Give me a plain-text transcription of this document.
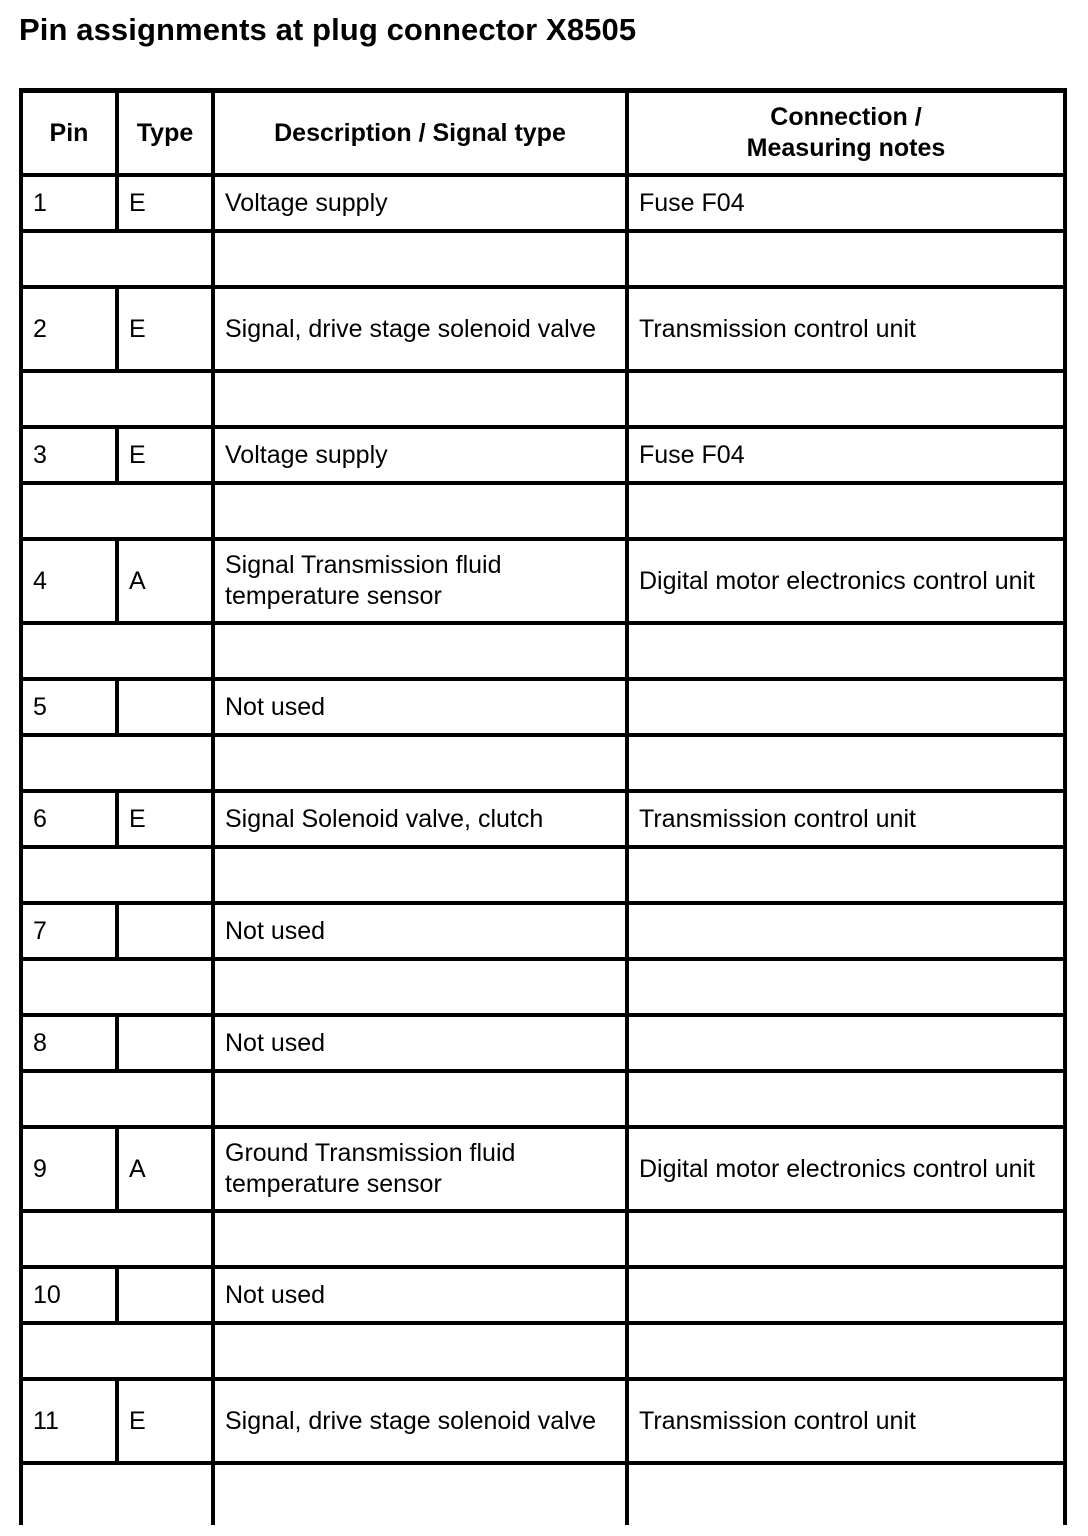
Pin assignments at plug connector X8505
Pin	Type	Description / Signal type	Connection /
Measuring notes

1	E	Voltage supply	Fuse F04

2	E	Signal, drive stage solenoid valve	Transmission control unit

3	E	Voltage supply	Fuse F04

4	A	Signal Transmission fluid temperature sensor	Digital motor electronics control unit

5		Not used	

6	E	Signal Solenoid valve, clutch	Transmission control unit

7		Not used	

8		Not used	

9	A	Ground Transmission fluid temperature sensor	Digital motor electronics control unit

10		Not used	

11	E	Signal, drive stage solenoid valve	Transmission control unit
